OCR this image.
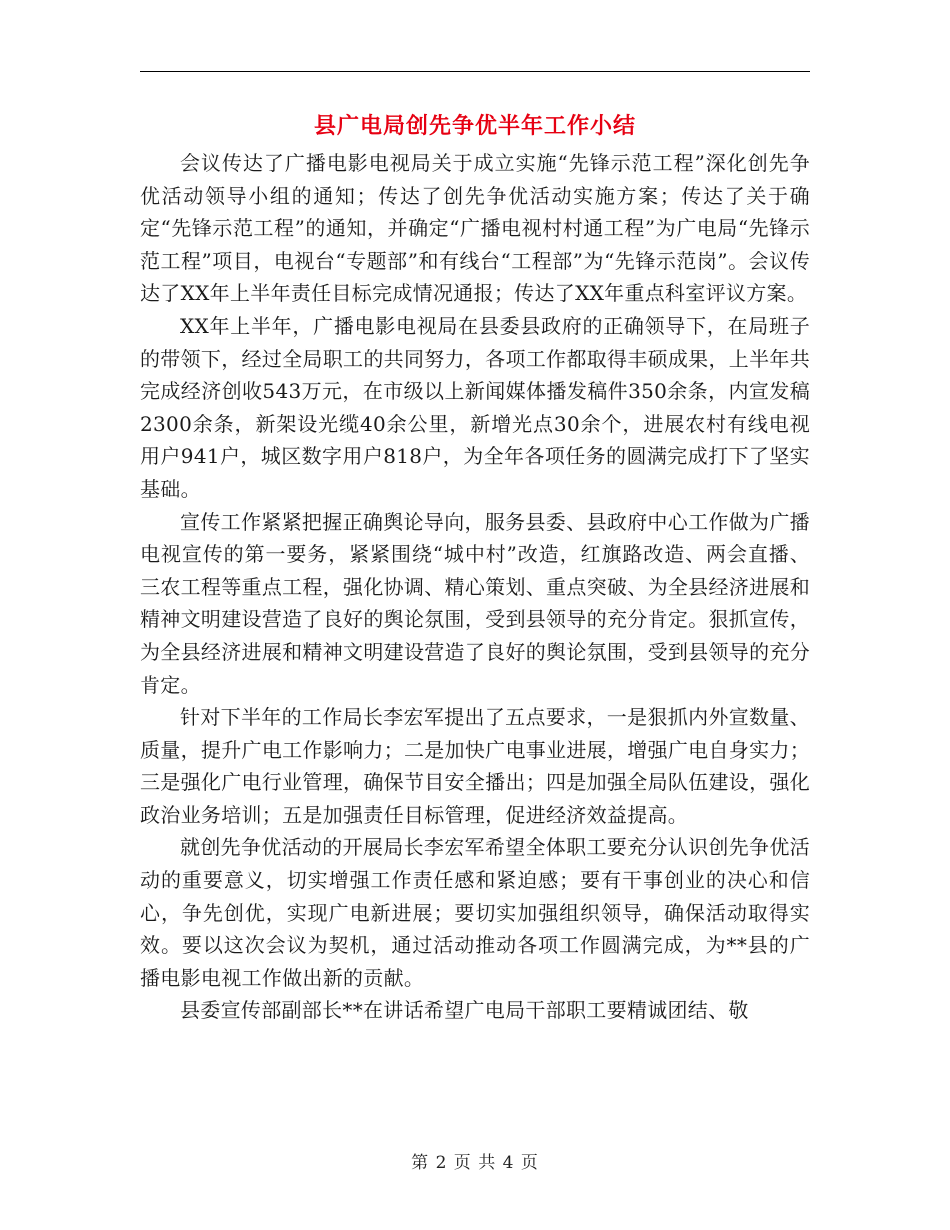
县广电局创先争优半年工作小结

会议传达了广播电影电视局关于成立实施“先锋示范工程”深化创先争优活动领导小组的通知；传达了创先争优活动实施方案；传达了关于确定“先锋示范工程”的通知，并确定“广播电视村村通工程”为广电局“先锋示范工程”项目，电视台“专题部”和有线台“工程部”为“先锋示范岗”。会议传达了XX年上半年责任目标完成情况通报；传达了XX年重点科室评议方案。

XX年上半年，广播电影电视局在县委县政府的正确领导下，在局班子的带领下，经过全局职工的共同努力，各项工作都取得丰硕成果，上半年共完成经济创收543万元，在市级以上新闻媒体播发稿件350余条，内宣发稿2300余条，新架设光缆40余公里，新增光点30余个，进展农村有线电视用户941户，城区数字用户818户，为全年各项任务的圆满完成打下了坚实基础。

宣传工作紧紧把握正确舆论导向，服务县委、县政府中心工作做为广播电视宣传的第一要务，紧紧围绕“城中村”改造，红旗路改造、两会直播、三农工程等重点工程，强化协调、精心策划、重点突破、为全县经济进展和精神文明建设营造了良好的舆论氛围，受到县领导的充分肯定。狠抓宣传，为全县经济进展和精神文明建设营造了良好的舆论氛围，受到县领导的充分肯定。

针对下半年的工作局长李宏军提出了五点要求，一是狠抓内外宣数量、质量，提升广电工作影响力；二是加快广电事业进展，增强广电自身实力；三是强化广电行业管理，确保节目安全播出；四是加强全局队伍建设，强化政治业务培训；五是加强责任目标管理，促进经济效益提高。

就创先争优活动的开展局长李宏军希望全体职工要充分认识创先争优活动的重要意义，切实增强工作责任感和紧迫感；要有干事创业的决心和信心，争先创优，实现广电新进展；要切实加强组织领导，确保活动取得实效。要以这次会议为契机，通过活动推动各项工作圆满完成，为**县的广播电影电视工作做出新的贡献。

县委宣传部副部长**在讲话希望广电局干部职工要精诚团结、敬

第 2 页 共 4 页
